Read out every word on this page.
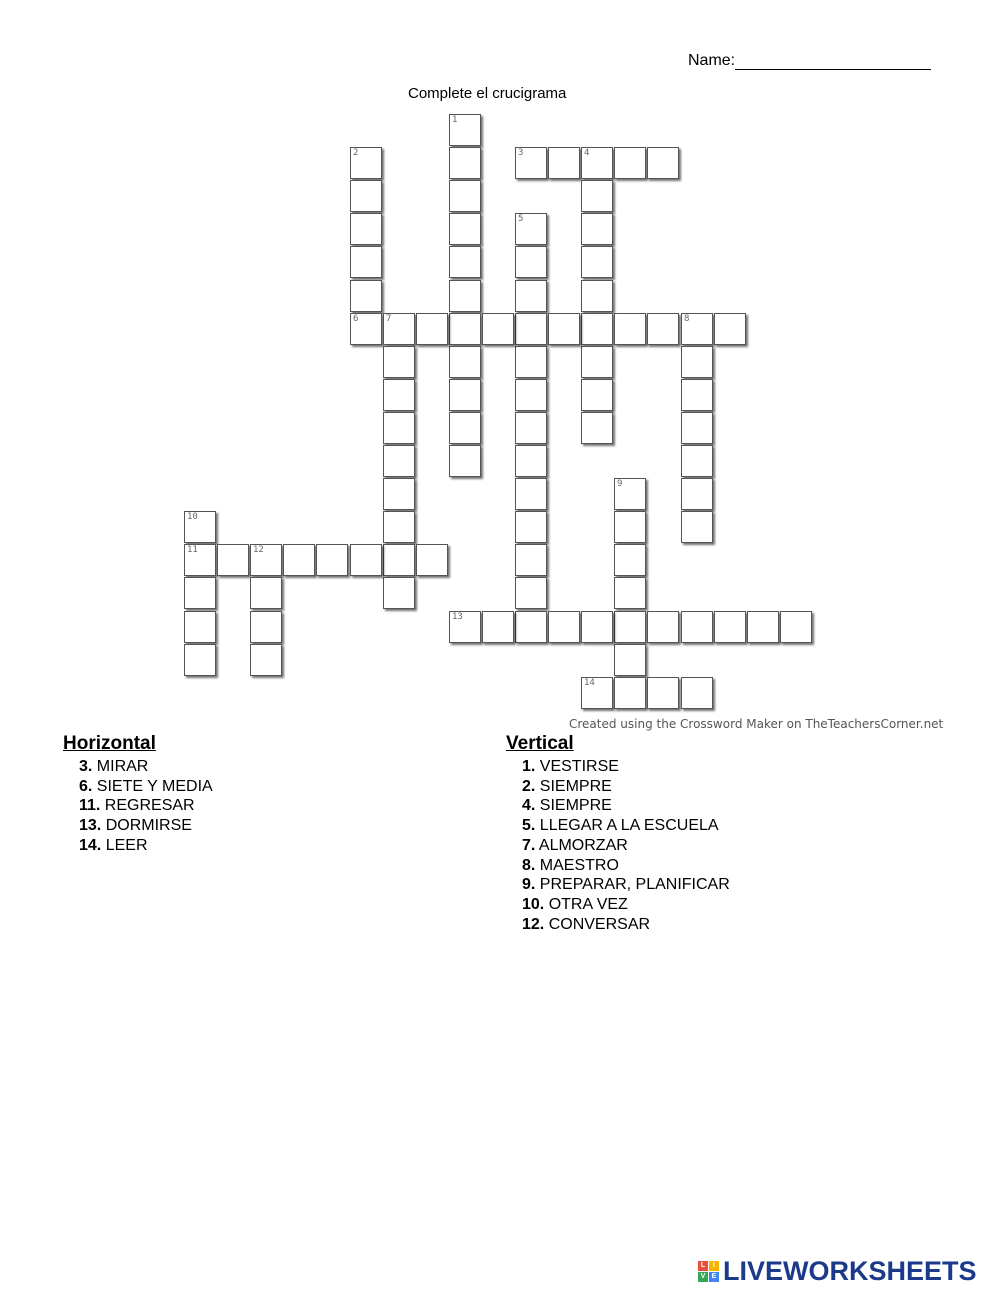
Name:
Complete el crucigrama
1
2
6
3	4
5
7	8
9
10
11	12
13
14
Created using the Crossword Maker on TheTeachersCorner.net
Horizontal
3. MIRAR
6. SIETE Y MEDIA
11. REGRESAR
13. DORMIRSE
14. LEER
Vertical
1. VESTIRSE
2. SIEMPRE
4. SIEMPRE
5. LLEGAR A LA ESCUELA
7. ALMORZAR
8. MAESTRO
9. PREPARAR, PLANIFICAR
10. OTRA VEZ
12. CONVERSAR
L	I
V E LIVEWORKSHEETS
